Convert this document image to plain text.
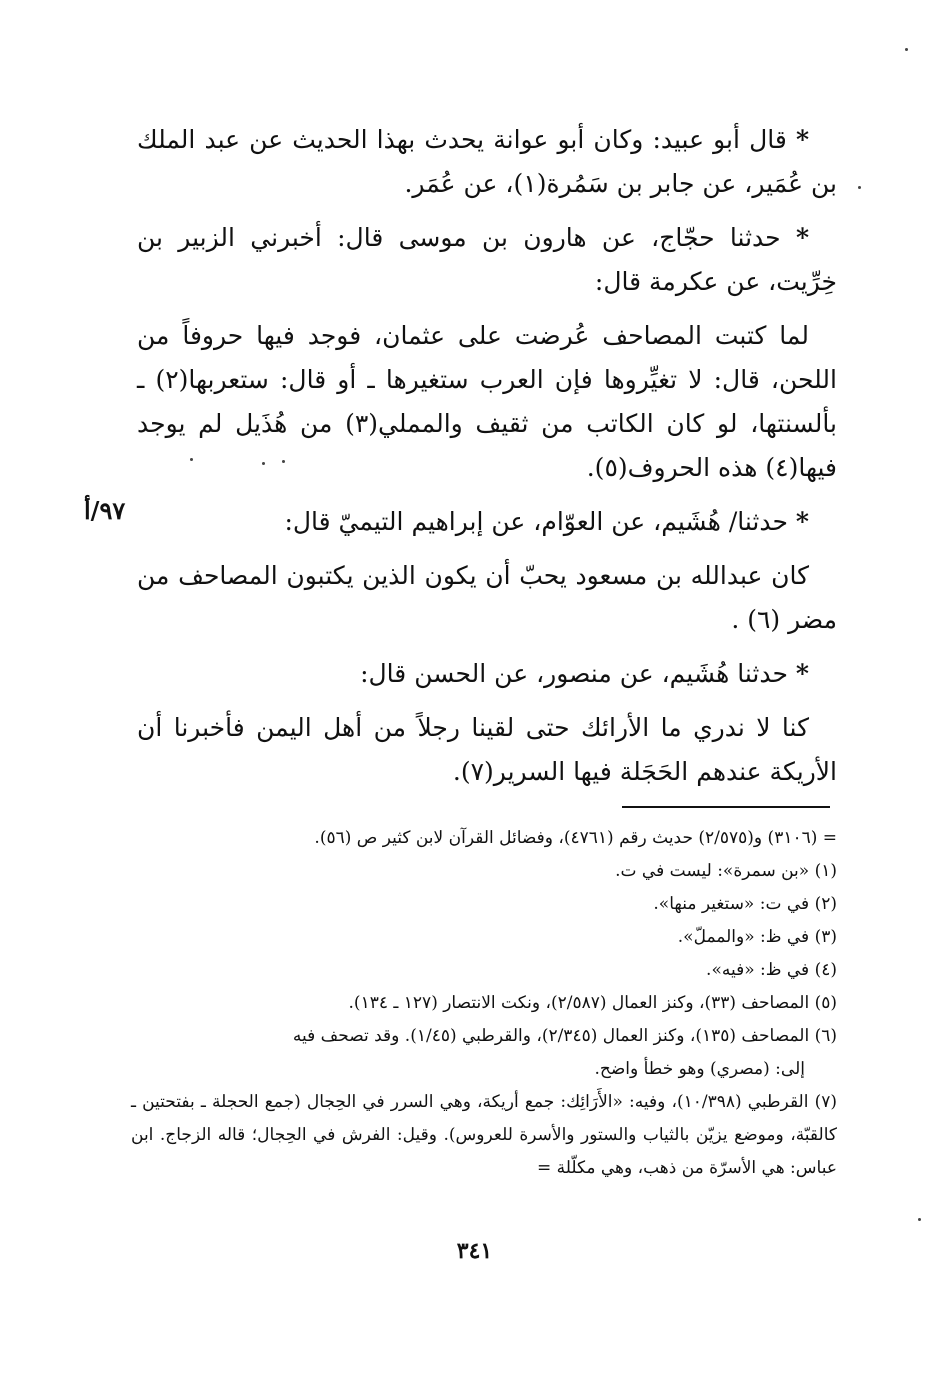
* قال أبو عبيد: وكان أبو عوانة يحدث بهذا الحديث عن عبد الملك بن عُمَير، عن جابر بن سَمُرة(١)، عن عُمَر.

* حدثنا حجّاج، عن هارون بن موسى قال: أخبرني الزبير بن خِرِّيت، عن عكرمة قال:

لما كتبت المصاحف عُرضت على عثمان، فوجد فيها حروفاً من اللحن، قال: لا تغيِّروها فإن العرب ستغيرها ـ أو قال: ستعربها(٢) ـ بألسنتها، لو كان الكاتب من ثقيف والمملي(٣) من هُذَيل لم يوجد فيها(٤) هذه الحروف(٥).

* حدثنا/ هُشَيم، عن العوّام، عن إبراهيم التيميّ قال:

كان عبدالله بن مسعود يحبّ أن يكون الذين يكتبون المصاحف من مضر (٦) .

* حدثنا هُشَيم، عن منصور، عن الحسن قال:

كنا لا ندري ما الأرائك حتى لقينا رجلاً من أهل اليمن فأخبرنا أن الأريكة عندهم الحَجَلة فيها السرير(٧).

٩٧/أ

= (٣١٠٦) و(٢/٥٧٥) حديث رقم (٤٧٦١)، وفضائل القرآن لابن كثير ص (٥٦).

(١) «بن سمرة»: ليست في ت.

(٢) في ت: «ستغير منها».

(٣) في ظ: «والمملّ».

(٤) في ظ: «فيه».

(٥) المصاحف (٣٣)، وكنز العمال (٢/٥٨٧)، ونكت الانتصار (١٢٧ ـ ١٣٤).

(٦) المصاحف (١٣٥)، وكنز العمال (٢/٣٤٥)، والقرطبي (١/٤٥). وقد تصحف فيه

إلى: (مصري) وهو خطأ واضح.

(٧) القرطبي (١٠/٣٩٨)، وفيه: «الأَرَائِك: جمع أريكة، وهي السرر في الحِجال (جمع الحجلة ـ بفتحتين ـ كالقبّة، وموضع يزيّن بالثياب والستور والأسرة للعروس). وقيل: الفرش في الحِجال؛ قاله الزجاج. ابن عباس: هي الأسرّة من ذهب، وهي مكلّلة =

٣٤١
